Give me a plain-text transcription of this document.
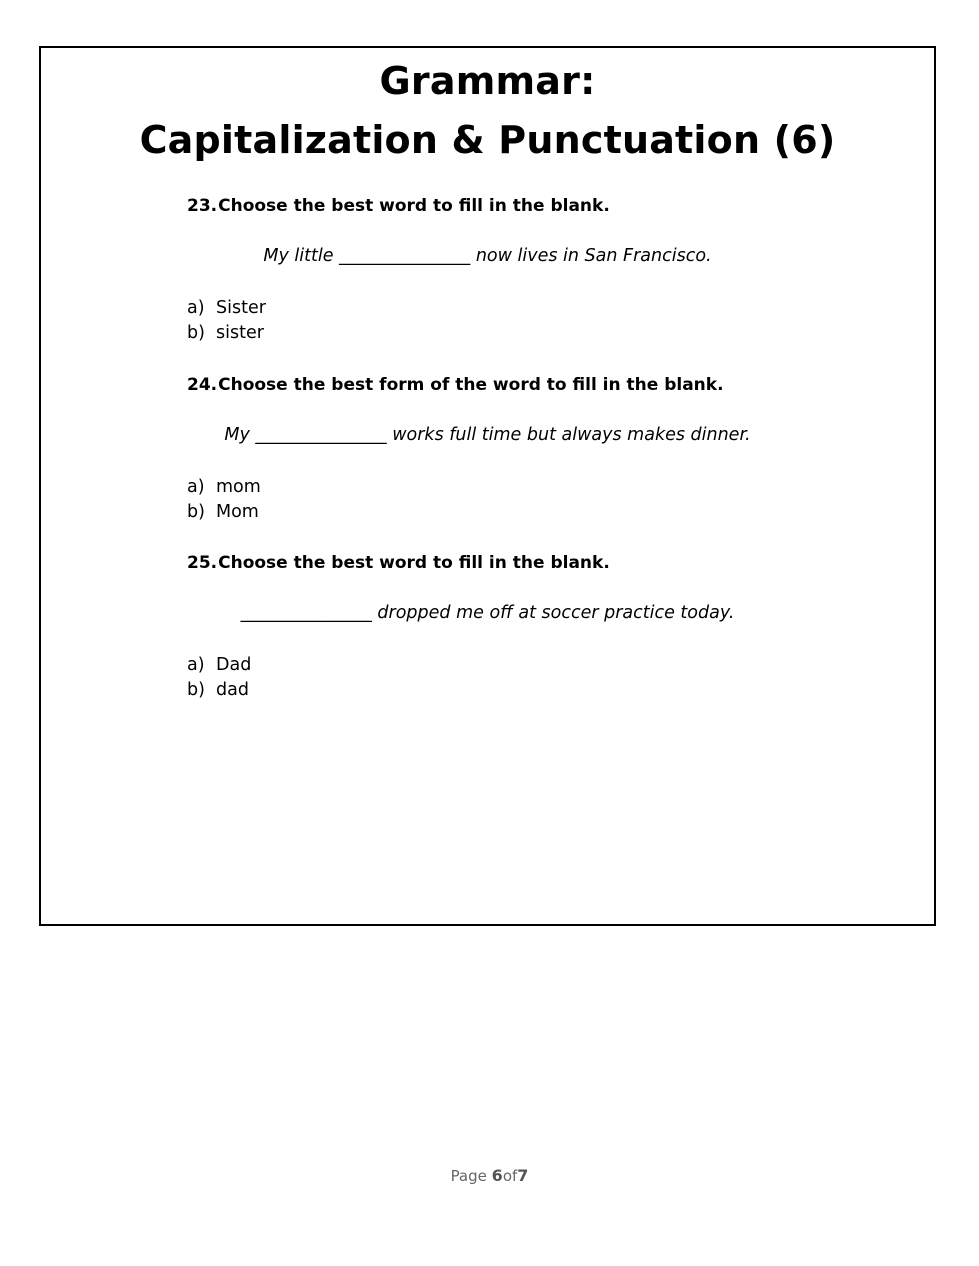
Grammar:
Capitalization & Punctuation (6)
23.Choose the best word to fill in the blank.
My little _______________ now lives in San Francisco.
a) Sister
b) sister
24.Choose the best form of the word to fill in the blank.
My _______________ works full time but always makes dinner.
a) mom
b) Mom
25.Choose the best word to fill in the blank.
_______________ dropped me off at soccer practice today.
a) Dad
b) dad
Page 6of7
